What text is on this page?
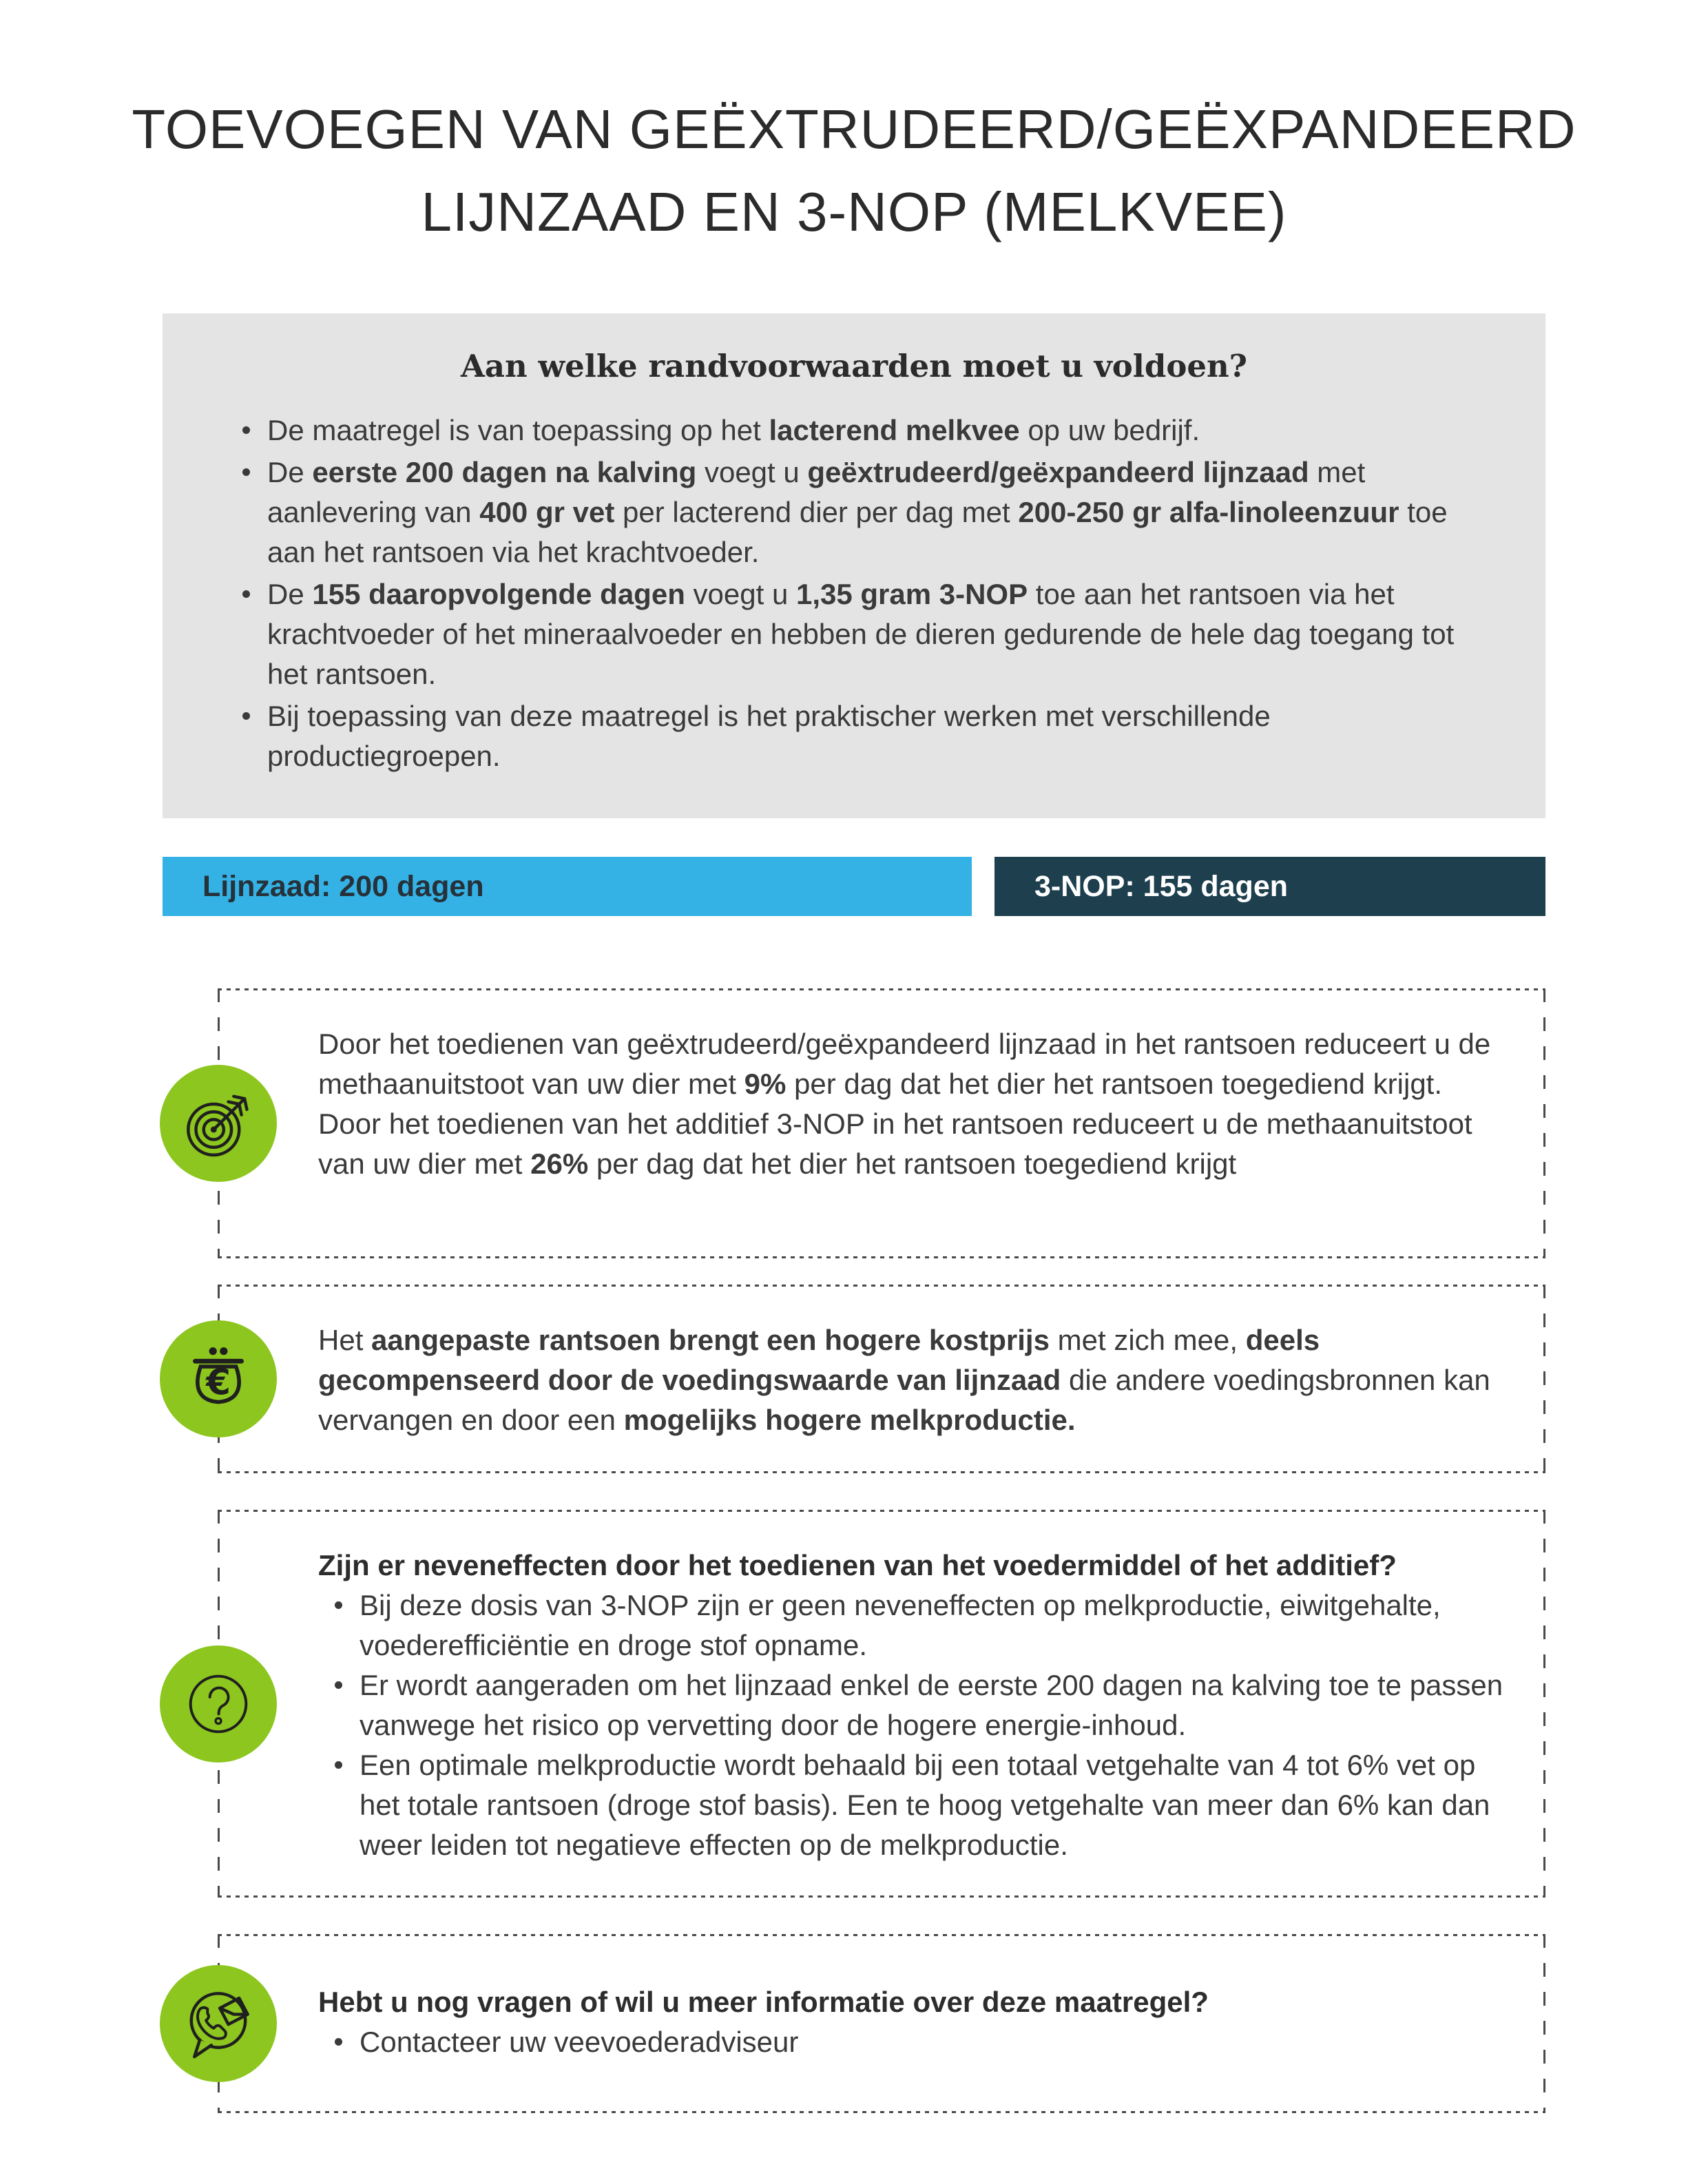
TOEVOEGEN VAN GEËXTRUDEERD/GEËXPANDEERD
LIJNZAAD EN 3-NOP (MELKVEE)
Aan welke randvoorwaarden moet u voldoen?
De maatregel is van toepassing op het lacterend melkvee op uw bedrijf.
De eerste 200 dagen na kalving voegt u geëxtrudeerd/geëxpandeerd lijnzaad met aanlevering van 400 gr vet per lacterend dier per dag met 200-250 gr alfa-linoleenzuur toe aan het rantsoen via het krachtvoeder.
De 155 daaropvolgende dagen voegt u 1,35 gram 3-NOP toe aan het rantsoen via het krachtvoeder of het mineraalvoeder en hebben de dieren gedurende de hele dag toegang tot het rantsoen.
Bij toepassing van deze maatregel is het praktischer werken met verschillende productiegroepen.
Lijnzaad: 200 dagen	3-NOP: 155 dagen

Door het toedienen van geëxtrudeerd/geëxpandeerd lijnzaad in het rantsoen reduceert u de methaanuitstoot van uw dier met 9% per dag dat het dier het rantsoen toegediend krijgt. Door het toedienen van het additief 3-NOP in het rantsoen reduceert u de methaanuitstoot van uw dier met 26% per dag dat het dier het rantsoen toegediend krijgt

€

Het aangepaste rantsoen brengt een hogere kostprijs met zich mee, deels gecompenseerd door de voedingswaarde van lijnzaad die andere voedingsbronnen kan vervangen en door een mogelijks hogere melkproductie.

?

Zijn er neveneffecten door het toedienen van het voedermiddel of het additief?

Bij deze dosis van 3-NOP zijn er geen neveneffecten op melkproductie, eiwitgehalte, voederefficiëntie en droge stof opname.
Er wordt aangeraden om het lijnzaad enkel de eerste 200 dagen na kalving toe te passen vanwege het risico op vervetting door de hogere energie-inhoud.
Een optimale melkproductie wordt behaald bij een totaal vetgehalte van 4 tot 6% vet op het totale rantsoen (droge stof basis). Een te hoog vetgehalte van meer dan 6% kan dan weer leiden tot negatieve effecten op de melkproductie.

Hebt u nog vragen of wil u meer informatie over deze maatregel?

Contacteer uw veevoederadviseur
